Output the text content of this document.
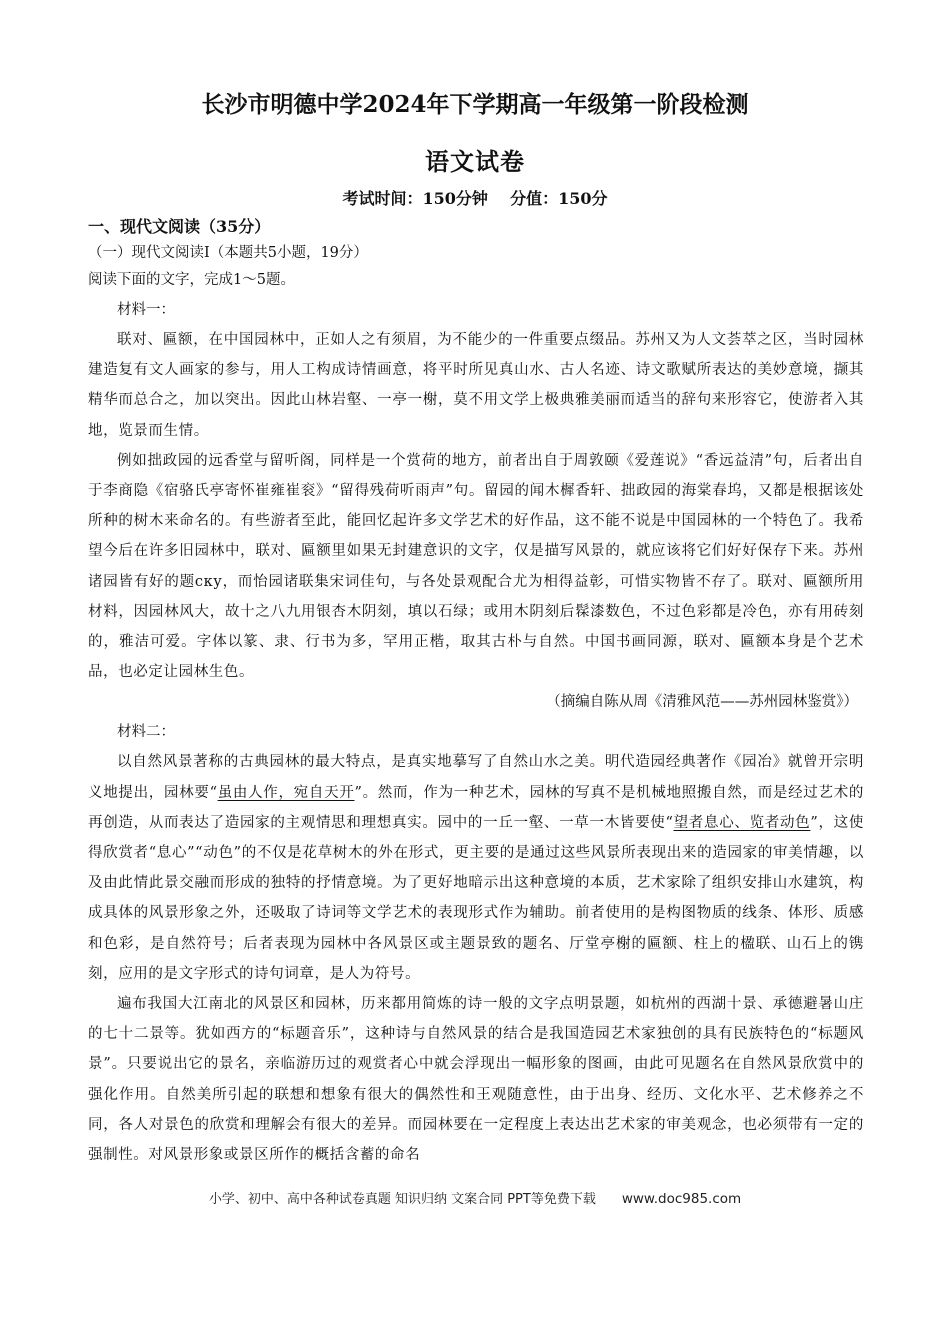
长沙市明德中学2024年下学期高一年级第一阶段检测
语文试卷
考试时间：150分钟    分值：150分
一、现代文阅读（35分）
（一）现代文阅读Ⅰ（本题共5小题，19分）
阅读下面的文字，完成1～5题。
材料一：

联对、匾额，在中国园林中，正如人之有须眉，为不能少的一件重要点缀品。苏州又为人文荟萃之区，当时园林建造复有文人画家的参与，用人工构成诗情画意，将平时所见真山水、古人名迹、诗文歌赋所表达的美妙意境，撷其精华而总合之，加以突出。因此山林岩壑、一亭一榭，莫不用文学上极典雅美丽而适当的辞句来形容它，使游者入其地，览景而生情。

例如拙政园的远香堂与留听阁，同样是一个赏荷的地方，前者出自于周敦颐《爱莲说》“香远益清”句，后者出自于李商隐《宿骆氏亭寄怀崔雍崔衮》“留得残荷听雨声”句。留园的闻木樨香轩、拙政园的海棠春坞，又都是根据该处所种的树木来命名的。有些游者至此，能回忆起许多文学艺术的好作品，这不能不说是中国园林的一个特色了。我希望今后在许多旧园林中，联对、匾额里如果无封建意识的文字，仅是描写风景的，就应该将它们好好保存下来。苏州诸园皆有好的题ску，而怡园诸联集宋词佳句，与各处景观配合尤为相得益彰，可惜实物皆不存了。联对、匾额所用材料，因园林风大，故十之八九用银杏木阴刻，填以石绿；或用木阴刻后髹漆数色，不过色彩都是冷色，亦有用砖刻的，雅洁可爱。字体以篆、隶、行书为多，罕用正楷，取其古朴与自然。中国书画同源，联对、匾额本身是个艺术品，也必定让园林生色。

（摘编自陈从周《清雅风范——苏州园林鉴赏》）
材料二：

以自然风景著称的古典园林的最大特点，是真实地摹写了自然山水之美。明代造园经典著作《园冶》就曾开宗明义地提出，园林要“虽由人作，宛自天开”。然而，作为一种艺术，园林的写真不是机械地照搬自然，而是经过艺术的再创造，从而表达了造园家的主观情思和理想真实。园中的一丘一壑、一草一木皆要使“望者息心、览者动色”，这使得欣赏者“息心”“动色”的不仅是花草树木的外在形式，更主要的是通过这些风景所表现出来的造园家的审美情趣，以及由此情此景交融而形成的独特的抒情意境。为了更好地暗示出这种意境的本质，艺术家除了组织安排山水建筑，构成具体的风景形象之外，还吸取了诗词等文学艺术的表现形式作为辅助。前者使用的是构图物质的线条、体形、质感和色彩，是自然符号；后者表现为园林中各风景区或主题景致的题名、厅堂亭榭的匾额、柱上的楹联、山石上的镌刻，应用的是文字形式的诗句词章，是人为符号。

遍布我国大江南北的风景区和园林，历来都用简炼的诗一般的文字点明景题，如杭州的西湖十景、承德避暑山庄的七十二景等。犹如西方的“标题音乐”，这种诗与自然风景的结合是我国造园艺术家独创的具有民族特色的“标题风景”。只要说出它的景名，亲临游历过的观赏者心中就会浮现出一幅形象的图画，由此可见题名在自然风景欣赏中的强化作用。自然美所引起的联想和想象有很大的偶然性和王观随意性，由于出身、经历、文化水平、艺术修养之不同，各人对景色的欣赏和理解会有很大的差异。而园林要在一定程度上表达出艺术家的审美观念，也必须带有一定的强制性。对风景形象或景区所作的概括含蓄的命名

小学、初中、高中各种试卷真题 知识归纳 文案合同 PPT等免费下载 www.doc985.com
